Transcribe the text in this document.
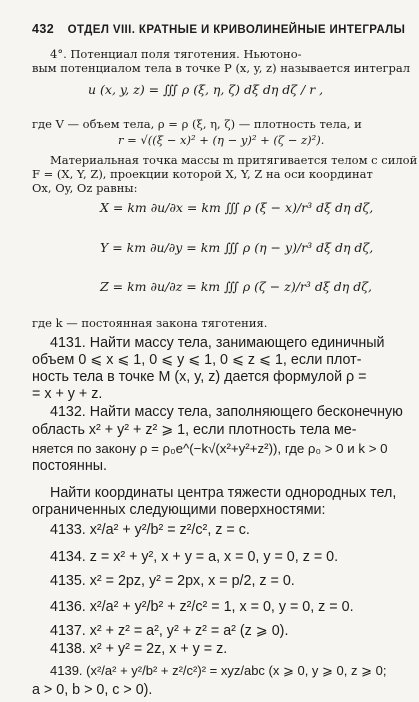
432 ОТДЕЛ VIII. КРАТНЫЕ И КРИВОЛИНЕЙНЫЕ ИНТЕГРАЛЫ
4°. Потенциал поля тяготения. Ньютоно-
вым потенциалом тела в точке P (x, y, z) называется интеграл
u (x, y, z) = ∭ ρ (ξ, η, ζ) dξ dη dζ / r ,
где V — объем тела, ρ = ρ (ξ, η, ζ) — плотность тела, и
r = √((ξ − x)² + (η − y)² + (ζ − z)²).
Материальная точка массы m притягивается телом с силой
F = (X, Y, Z), проекции которой X, Y, Z на оси координат
Ox, Oy, Oz равны:
X = km ∂u/∂x = km ∭ ρ (ξ − x)/r³ dξ dη dζ,
Y = km ∂u/∂y = km ∭ ρ (η − y)/r³ dξ dη dζ,
Z = km ∂u/∂z = km ∭ ρ (ζ − z)/r³ dξ dη dζ,
где k — постоянная закона тяготения.
4131. Найти массу тела, занимающего единичный
объем 0 ⩽ x ⩽ 1, 0 ⩽ y ⩽ 1, 0 ⩽ z ⩽ 1, если плот-
ность тела в точке M (x, y, z) дается формулой ρ =
= x + y + z.
4132. Найти массу тела, заполняющего бесконечную
область x² + y² + z² ⩾ 1, если плотность тела ме-
няется по закону ρ = ρ₀e^(−k√(x²+y²+z²)), где ρ₀ > 0 и k > 0
постоянны.
Найти координаты центра тяжести однородных тел,
ограниченных следующими поверхностями:
4133. x²/a² + y²/b² = z²/c², z = c.
4134. z = x² + y², x + y = a, x = 0, y = 0, z = 0.
4135. x² = 2pz, y² = 2px, x = p/2, z = 0.
4136. x²/a² + y²/b² + z²/c² = 1, x = 0, y = 0, z = 0.
4137. x² + z² = a², y² + z² = a² (z ⩾ 0).
4138. x² + y² = 2z, x + y = z.
4139. (x²/a² + y²/b² + z²/c²)² = xyz/abc (x ⩾ 0, y ⩾ 0, z ⩾ 0;
a > 0, b > 0, c > 0).
